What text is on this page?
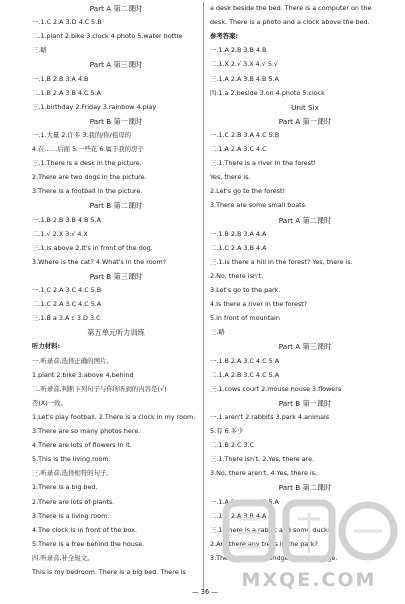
Part A 第二课时
一.1.C 2.A 3.D 4.C 5.B
二.1.plant 2.bike 3.clock 4.photo 5.water bottle
三.略
Part A 第三课时
一.1.B 2.B 3.A 4.B
二.1.B 2.A 3.B 4.C 5.A
三.1.birthday 2.Friday 3.rainbow 4.play
Part B 第一课时
一.1.大量 2.许多 3.我的/你/祖母的
4.在……后面 5.一些花 6.属于我的房子
三.1.There is a desk in the picture.
2.There are two dogs in the picture.
3.There is a football in the picture.
Part B 第二课时
一.1.B 2.B 3.B 4.B 5.A
二.1.√ 2.X 3.√ 4.X
三.1.is above 2.It's in front of the dog.
3.Where is the cat? 4.What's in the room?
Part B 第三课时
一.1.C 2.A 3.C 4.C 5.B
二.1.C 2.A 3.C 4.C 5.A
三.1.B a 3.A c 3.D 3.C
第五单元听力训练
听力材料:
一.听录音,选择正确的图片。
1.plant 2.bike 3.above 4.behind
二.听录音,判断下列句子与你所听到的内容是(√)
否(X)一致。
1.Let's play football. 2.There is a clock in my room.
3.There are so many photos here.
4.There are lots of flowers in it.
5.This is the living room.
三.听录音,选择相符的句子。
1.There is a big bed.
2.There are lots of plants.
3.There is a living room.
4.The clock is in front of the box.
5.There is a tree behind the house.
四.听录音,补全短文。
This is my bedroom. There is a big bed. There is
a desk beside the bed. There is a computer on the
desk. There is a photo and a clock above the bed.
参考答案:
一.1.A 2.B 3.B 4.B
二.1.X 2.√ 3.X 4.√ 5.√
三.1.A 2.A 3.B 4.B 5.A
四.1.a 2.beside 3.on 4.photo 5.clock
Unit Six
Part A 第一课时
一.1.C 2.B 3.A 4.C 5.B
二.1.A 2.A 3.C 4.C
三.1.There is a river in the forest!
Yes, there is.
2.Let's go to the forest!
3.There are some small boats.
Part A 第二课时
一.1.B 2.B 3.A 4.A
二.1.C 2.A 3.B 4.A
三.1.Is there a hill in the forest? Yes, there is.
2.No, there isn't.
3.Let's go to the park.
4.Is there a river in the forest?
5.in front of mountain
三.略
Part A 第三课时
一.1.B 2.A 3.C 4.C 5.A
二.1.A 2.B 3.C 4.C 5.A
三.1.cows court 2.mouse house 3.flowers
Part B 第一课时
一.1.aren't 2.rabbits 3.park 4.animals
5.有 6.多少
二.1.B 2.C 3.C
三.1.There isn't. 2.Yes, there are.
3.No, there aren't. 4.Yes, there is.
Part B 第二课时
一.1.A 2.B 3.B 4.B 5.A
二.1.B 2.A 3.B 4.A
三.1.There is a rabbit and some ducks.
2.Are there any trees in the park?
3.There are some bridges in the village.
MXQE.COM
— 36 —
